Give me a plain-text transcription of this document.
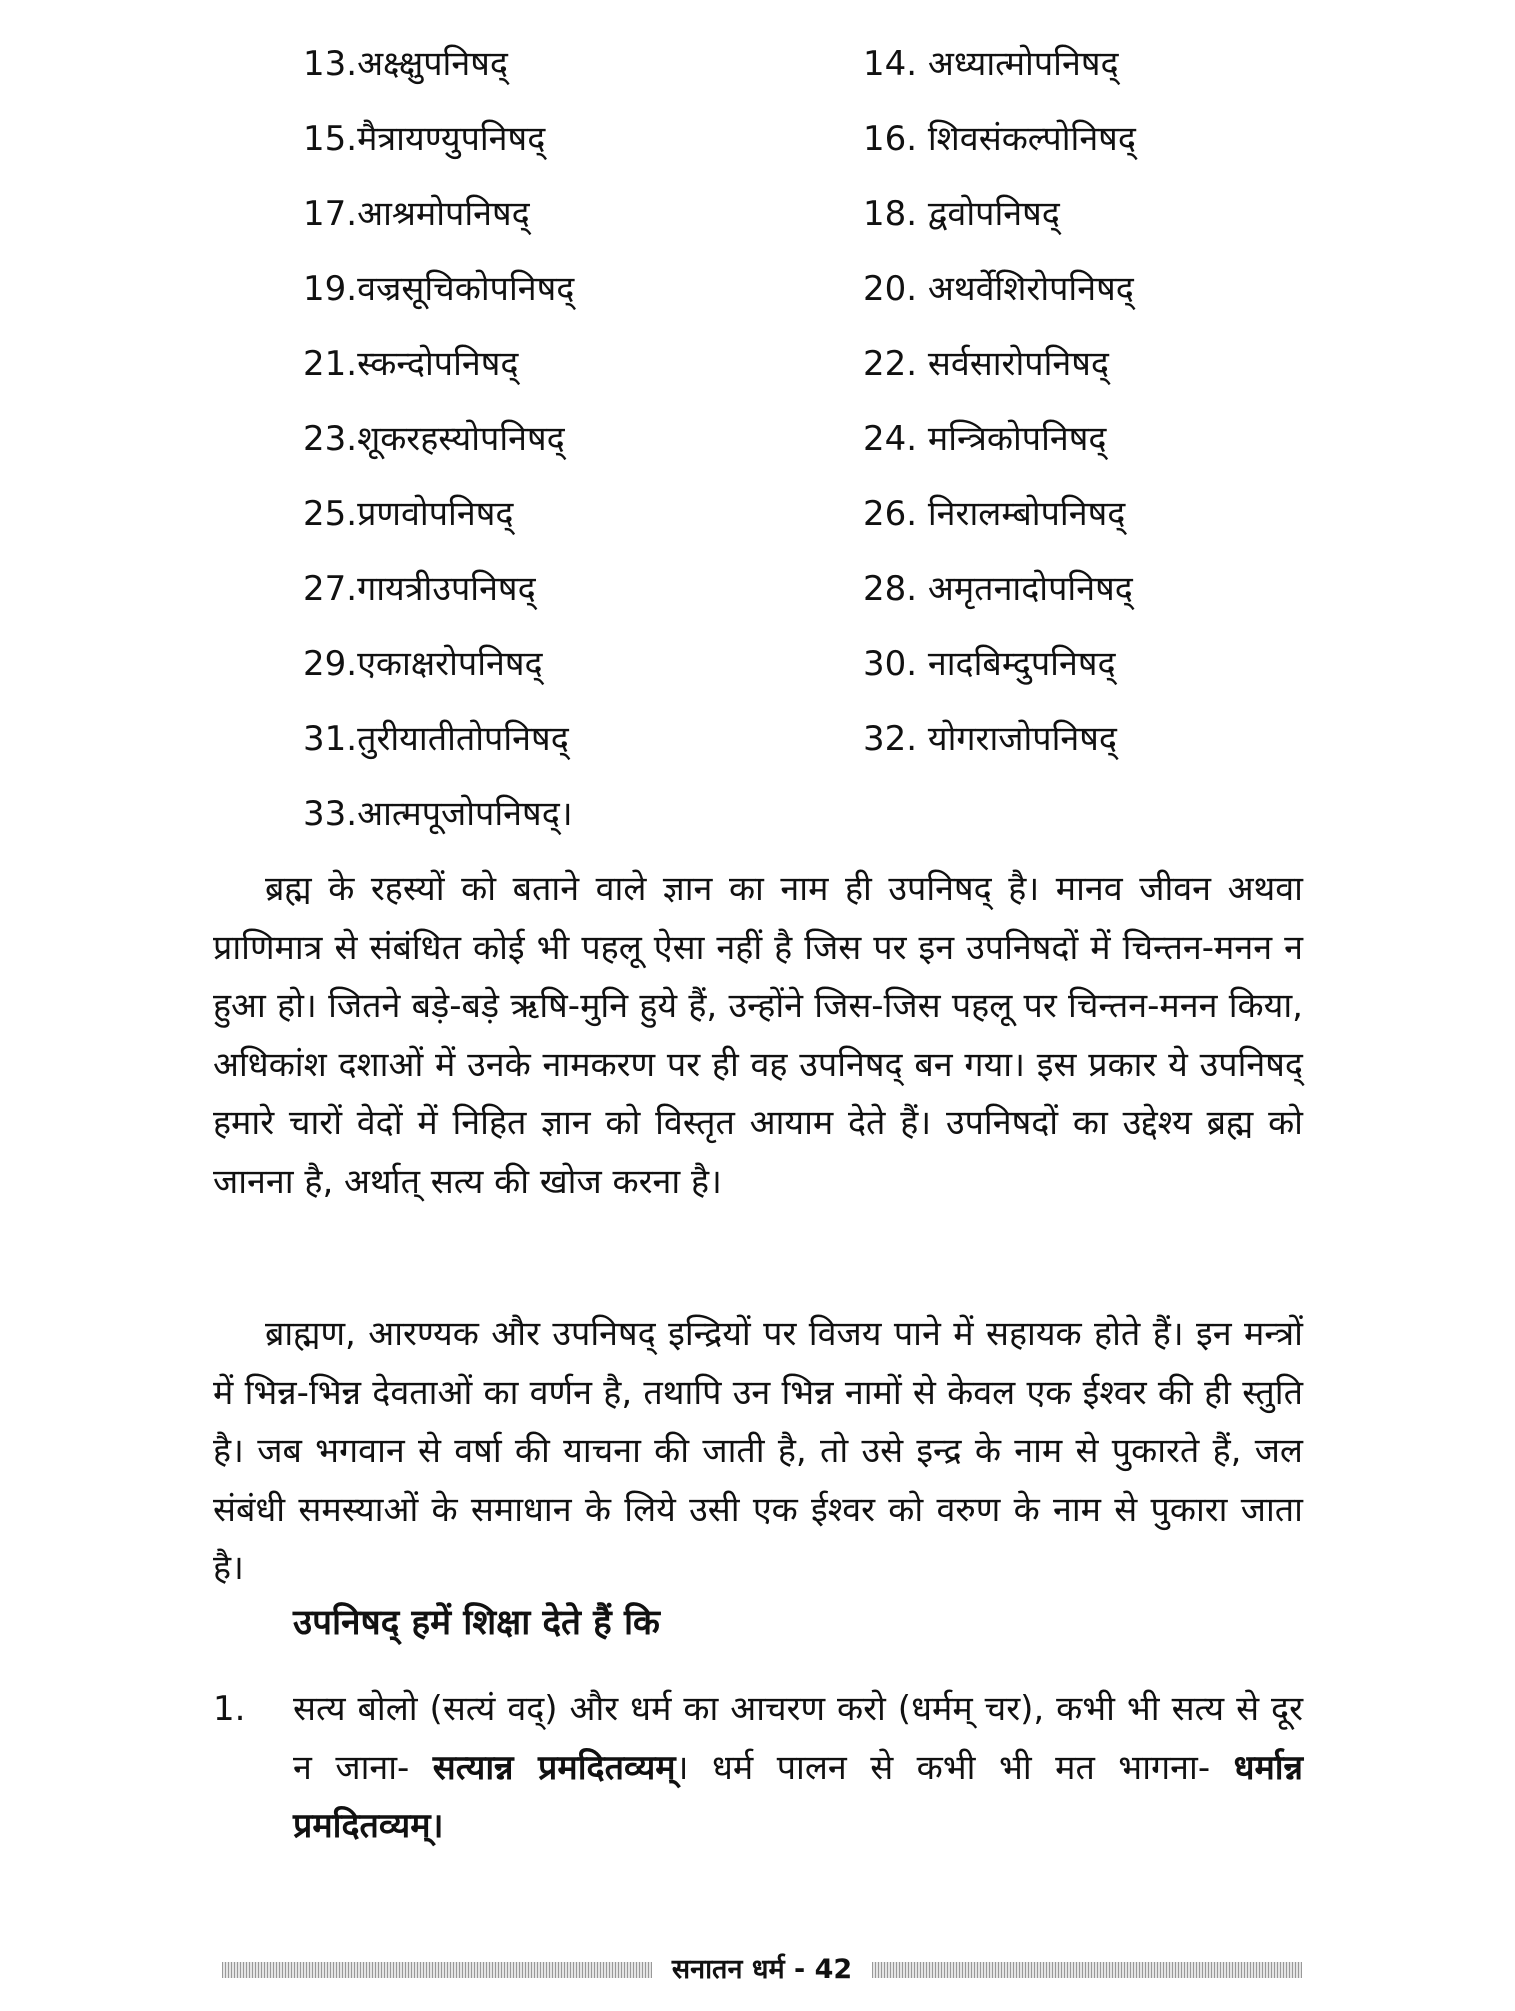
13.अक्ष्क्षुपनिषद्	14. अध्यात्मोपनिषद्
15.मैत्रायण्युपनिषद्	16. शिवसंकल्पोनिषद्
17.आश्रमोपनिषद्	18. द्ववोपनिषद्
19.वज्रसूचिकोपनिषद्	20. अथर्वेशिरोपनिषद्
21.स्कन्दोपनिषद्	22. सर्वसारोपनिषद्
23.शूकरहस्योपनिषद्	24. मन्त्रिकोपनिषद्
25.प्रणवोपनिषद्	26. निरालम्बोपनिषद्
27.गायत्रीउपनिषद्	28. अमृतनादोपनिषद्
29.एकाक्षरोपनिषद्	30. नादबिम्दुपनिषद्
31.तुरीयातीतोपनिषद्	32. योगराजोपनिषद्
33.आत्मपूजोपनिषद्।

ब्रह्म के रहस्यों को बताने वाले ज्ञान का नाम ही उपनिषद् है। मानव जीवन अथवा प्राणिमात्र से संबंधित कोई भी पहलू ऐसा नहीं है जिस पर इन उपनिषदों में चिन्तन-मनन न हुआ हो। जितने बड़े-बड़े ऋषि-मुनि हुये हैं, उन्होंने जिस-जिस पहलू पर चिन्तन-मनन किया, अधिकांश दशाओं में उनके नामकरण पर ही वह उपनिषद् बन गया। इस प्रकार ये उपनिषद् हमारे चारों वेदों में निहित ज्ञान को विस्तृत आयाम देते हैं। उपनिषदों का उद्देश्य ब्रह्म को जानना है, अर्थात् सत्य की खोज करना है।

ब्राह्मण, आरण्यक और उपनिषद् इन्द्रियों पर विजय पाने में सहायक होते हैं। इन मन्त्रों में भिन्न-भिन्न देवताओं का वर्णन है, तथापि उन भिन्न नामों से केवल एक ईश्वर की ही स्तुति है। जब भगवान से वर्षा की याचना की जाती है, तो उसे इन्द्र के नाम से पुकारते हैं, जल संबंधी समस्याओं के समाधान के लिये उसी एक ईश्वर को वरुण के नाम से पुकारा जाता है।

उपनिषद् हमें शिक्षा देते हैं कि
1. सत्य बोलो (सत्यं वद्) और धर्म का आचरण करो (धर्मम् चर), कभी भी सत्य से दूर न जाना- सत्यान्न प्रमदितव्यम्। धर्म पालन से कभी भी मत भागना- धर्मान्न प्रमदितव्यम्।
सनातन धर्म - 42
